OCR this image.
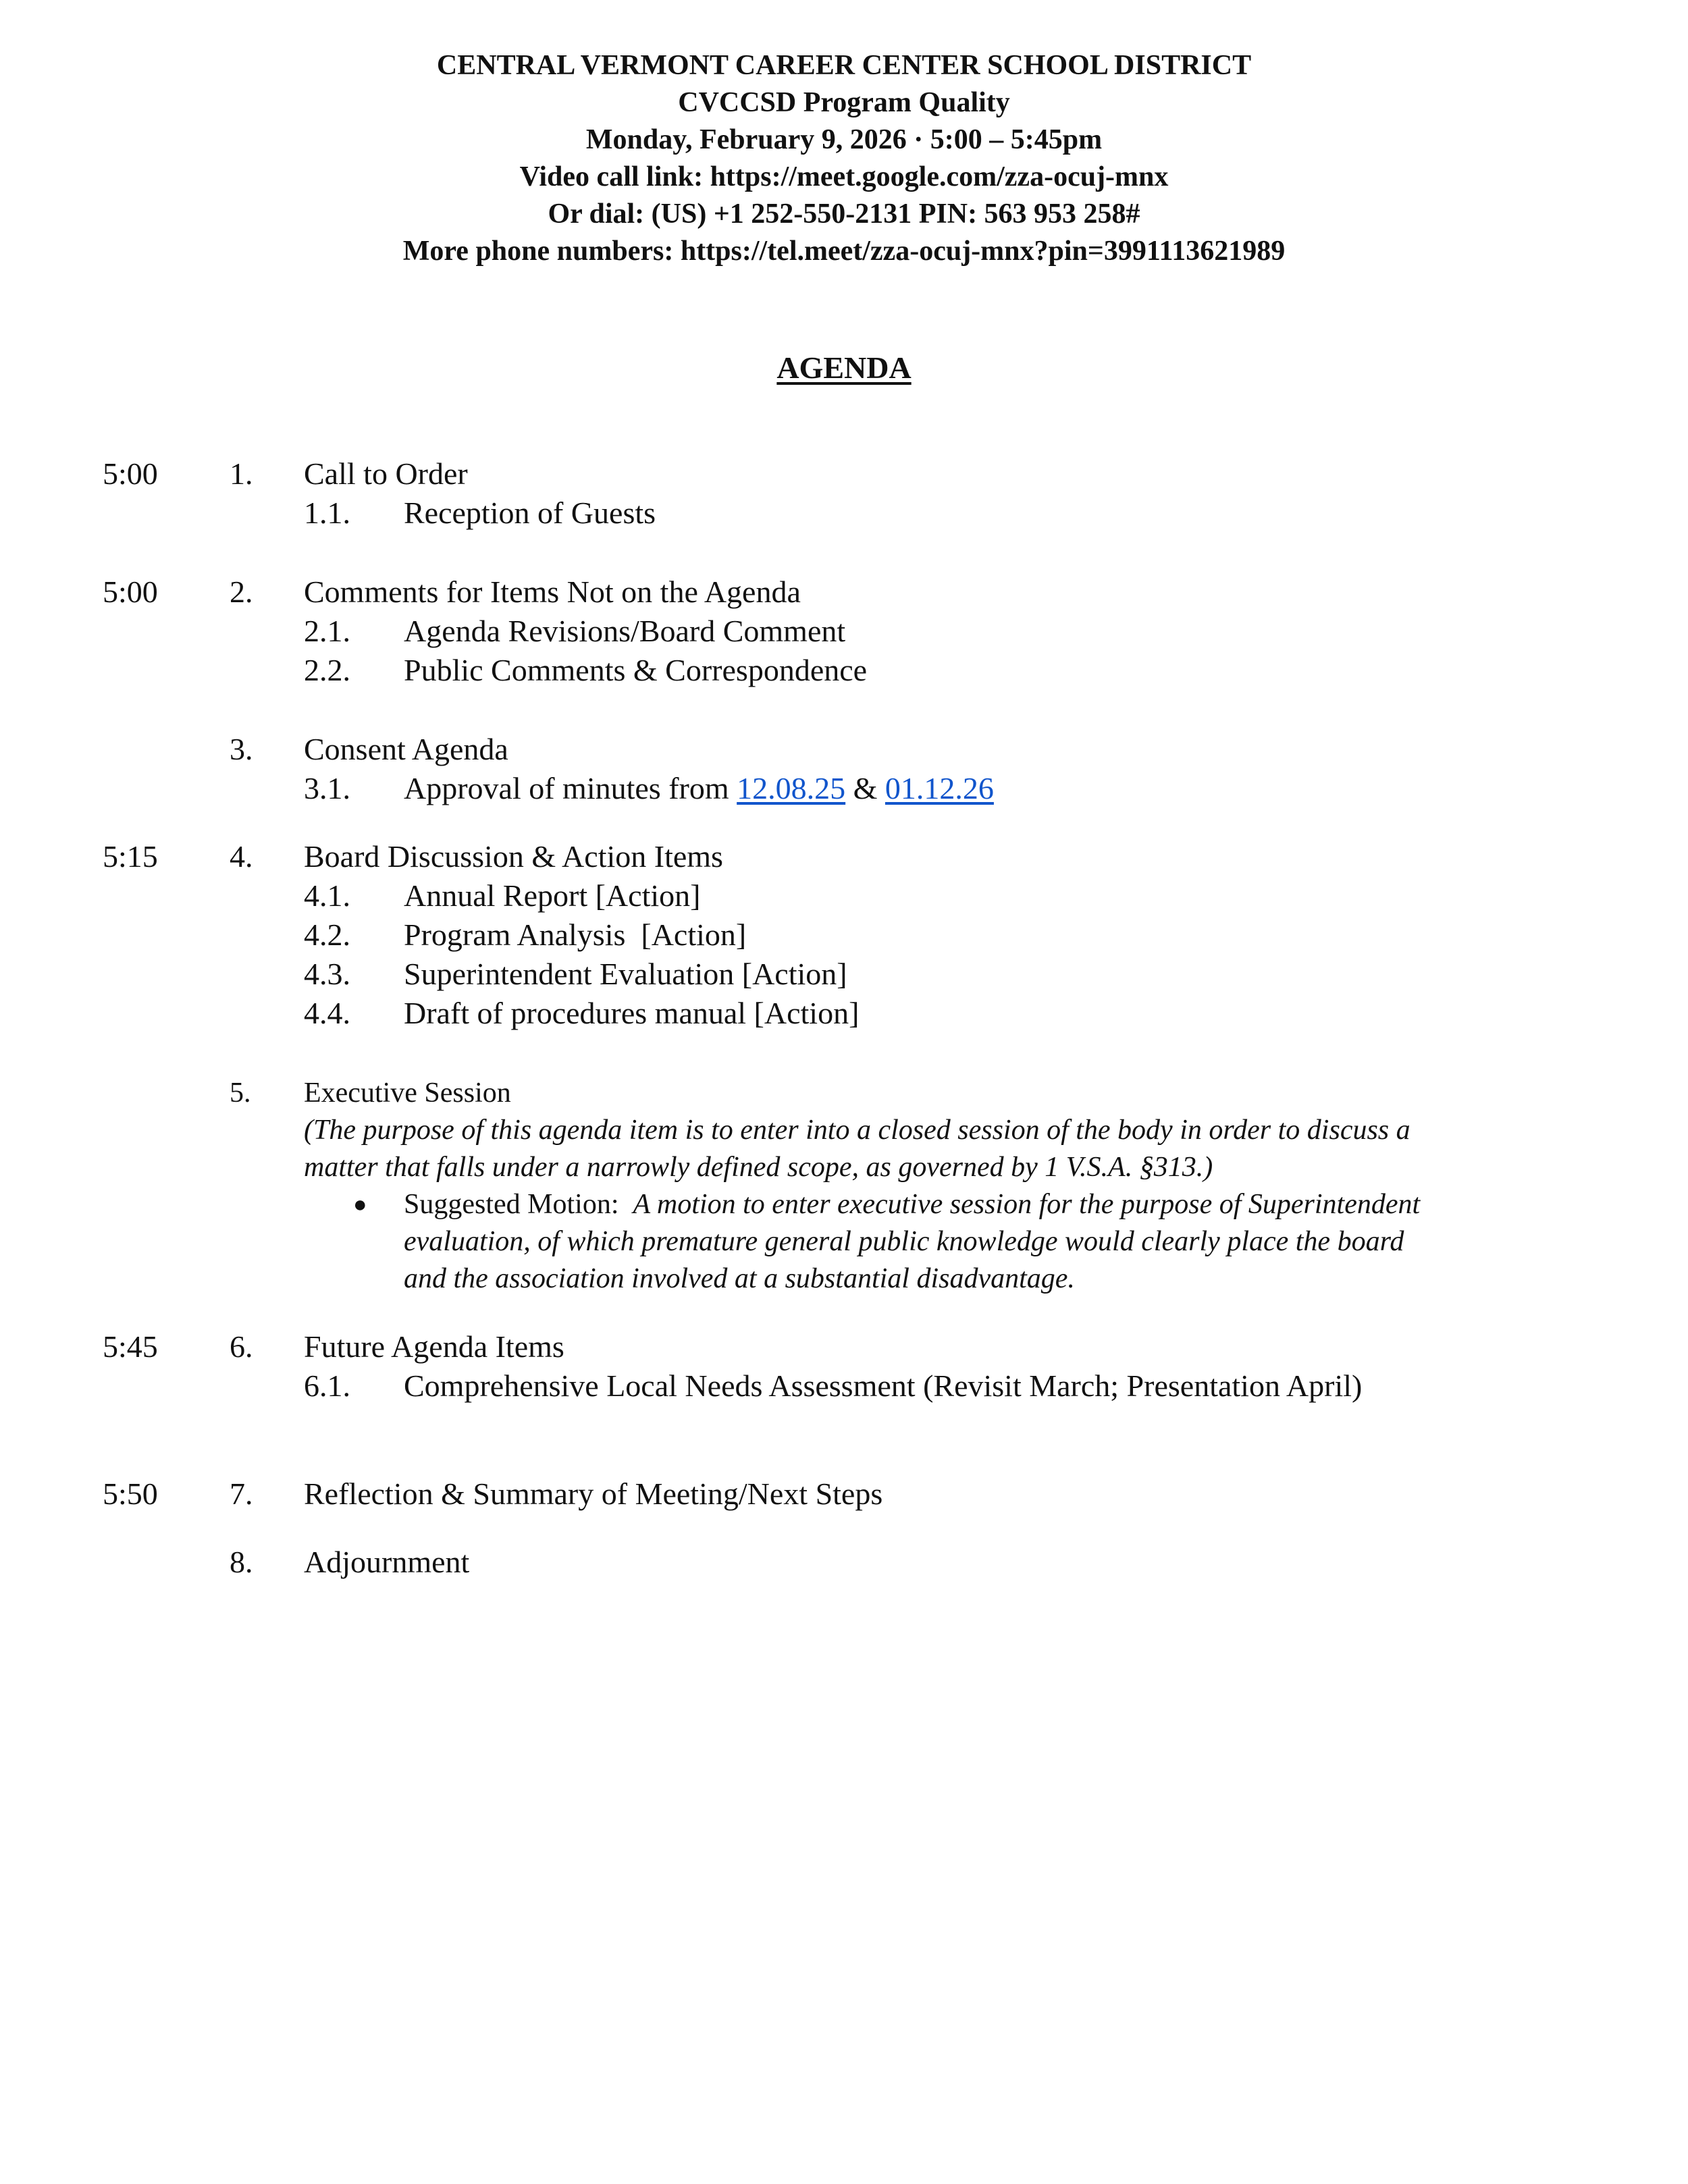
CENTRAL VERMONT CAREER CENTER SCHOOL DISTRICT
CVCCSD Program Quality
Monday, February 9, 2026 · 5:00 – 5:45pm
Video call link: https://meet.google.com/zza-ocuj-mnx
Or dial: (US) +1 252-550-2131 PIN: 563 953 258#
More phone numbers: https://tel.meet/zza-ocuj-mnx?pin=3991113621989
AGENDA
5:00 1. Call to Order
1.1. Reception of Guests
5:00 2. Comments for Items Not on the Agenda
2.1. Agenda Revisions/Board Comment
2.2. Public Comments & Correspondence
3. Consent Agenda
3.1. Approval of minutes from 12.08.25 & 01.12.26
5:15 4. Board Discussion & Action Items
4.1. Annual Report [Action]
4.2. Program Analysis  [Action]
4.3. Superintendent Evaluation [Action]
4.4. Draft of procedures manual [Action]
5. Executive Session
(The purpose of this agenda item is to enter into a closed session of the body in order to discuss a
matter that falls under a narrowly defined scope, as governed by 1 V.S.A. §313.)
● Suggested Motion:  A motion to enter executive session for the purpose of Superintendent
evaluation, of which premature general public knowledge would clearly place the board
and the association involved at a substantial disadvantage.
5:45 6. Future Agenda Items
6.1. Comprehensive Local Needs Assessment (Revisit March; Presentation April)
5:50 7. Reflection & Summary of Meeting/Next Steps
8. Adjournment
